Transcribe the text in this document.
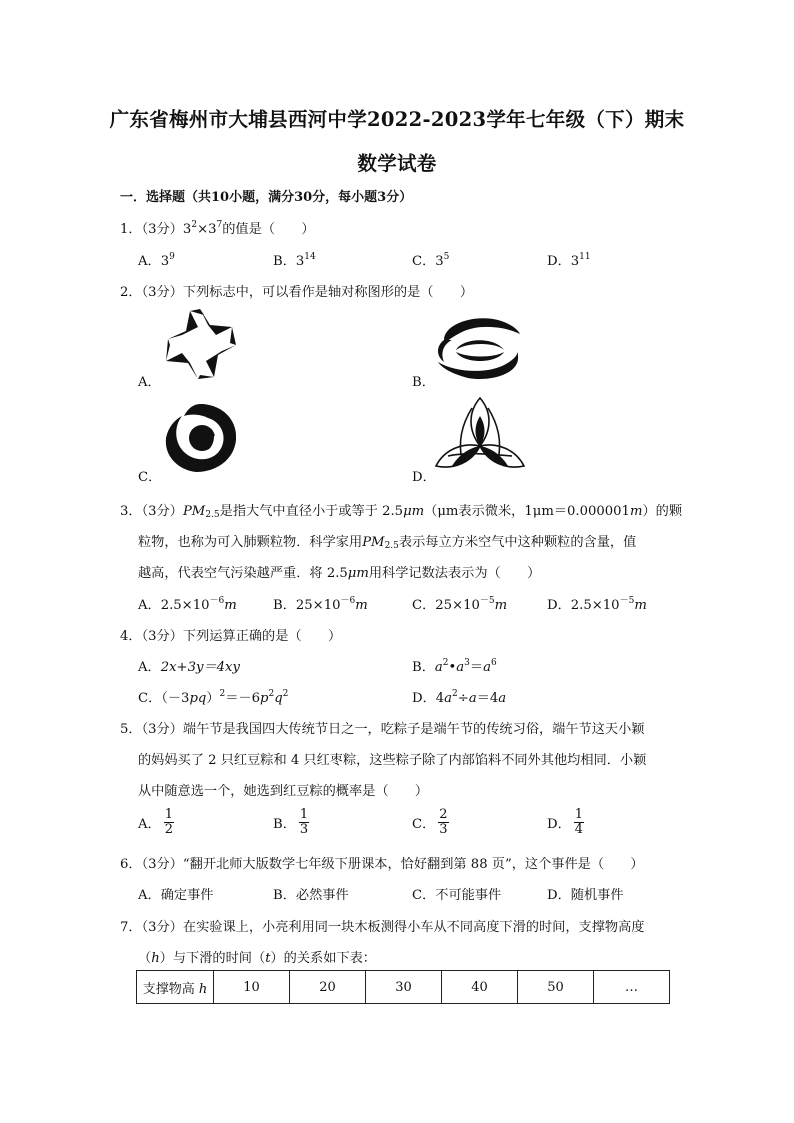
广东省梅州市大埔县西河中学2022-2023学年七年级（下）期末
数学试卷
一．选择题（共10小题，满分30分，每小题3分）
1．（3分）$3^2\times 3^7$的值是（　　）
A．$3^9$	B．$3^{14}$	C．$3^5$	D．$3^{11}$
2．（3分）下列标志中，可以看作是轴对称图形的是（　　）
A．	B．
C．	D．
3．（3分）$PM_{2.5}$是指大气中直径小于或等于 2.5μm（μm表示微米，1μm＝0.000001m）的颗
粒物，也称为可入肺颗粒物．科学家用$PM_{2.5}$表示每立方米空气中这种颗粒的含量，值
越高，代表空气污染越严重．将 2.5μm用科学记数法表示为（　　）
A．$2.5\times 10^{-6}m$	B．$25\times 10^{-6}m$	C．$25\times 10^{-5}m$	D．$2.5\times 10^{-5}m$
4．（3分）下列运算正确的是（　　）
A．2x+3y＝4xy	B．$a^2•a^3=a^6$
C．$(-3pq)^2=-6p^2q^2$	D．$4a^2\div a=4a$
5．（3分）端午节是我国四大传统节日之一，吃粽子是端午节的传统习俗，端午节这天小颖
的妈妈买了 2 只红豆粽和 4 只红枣粽，这些粽子除了内部馅料不同外其他均相同．小颖
从中随意选一个，她选到红豆粽的概率是（　　）
A． $\frac{1}{2}$	B． $\frac{1}{3}$	C． $\frac{2}{3}$	D． $\frac{1}{4}$
6．（3分）“翻开北师大版数学七年级下册课本，恰好翻到第 88 页”，这个事件是（　　）
A．确定事件	B．必然事件	C．不可能事件	D．随机事件
7．（3分）在实验课上，小亮利用同一块木板测得小车从不同高度下滑的时间，支撑物高度
（h）与下滑的时间（t）的关系如下表：
支撑物高 h	10	20	30	40	50	…
